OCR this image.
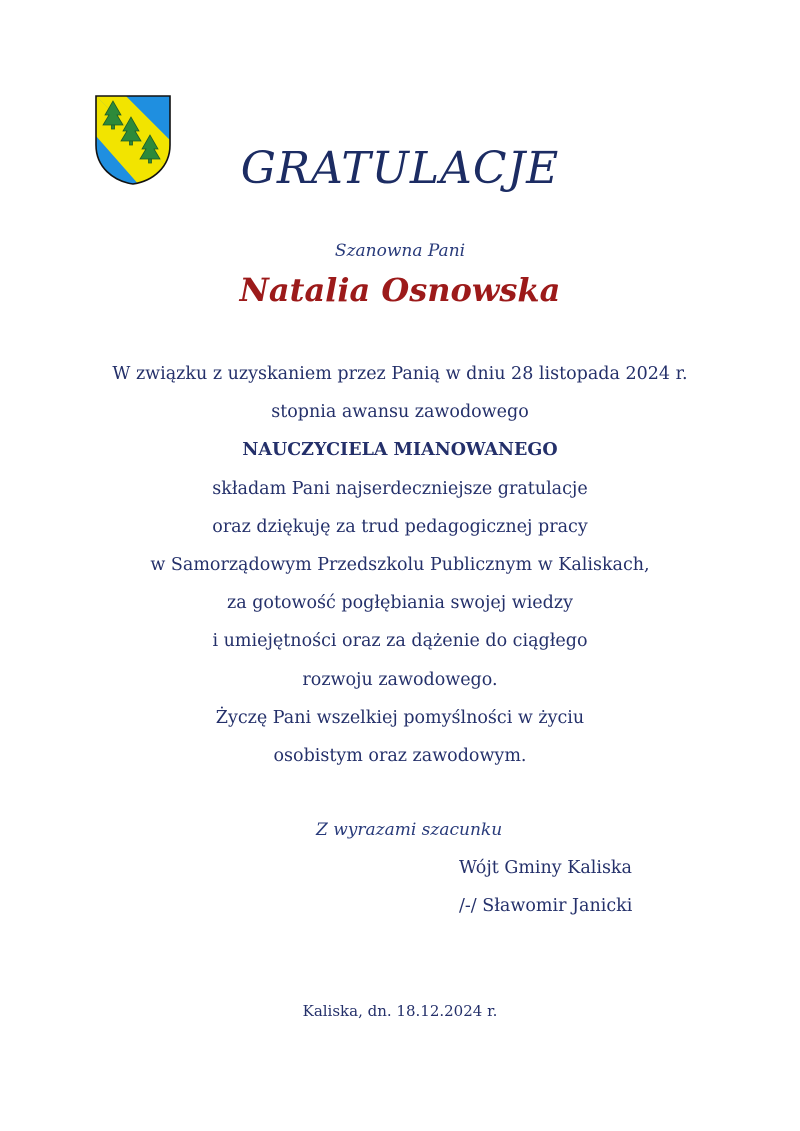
GRATULACJE
Szanowna Pani
Natalia Osnowska
W związku z uzyskaniem przez Panią w dniu 28 listopada 2024 r.
stopnia awansu zawodowego
NAUCZYCIELA MIANOWANEGO
składam Pani najserdeczniejsze gratulacje
oraz dziękuję za trud pedagogicznej pracy
w Samorządowym Przedszkolu Publicznym w Kaliskach,
za gotowość pogłębiania swojej wiedzy
i umiejętności oraz za dążenie do ciągłego
rozwoju zawodowego.
Życzę Pani wszelkiej pomyślności w życiu
osobistym oraz zawodowym.
Z wyrazami szacunku
Wójt Gminy Kaliska
/-/ Sławomir Janicki
Kaliska, dn. 18.12.2024 r.
